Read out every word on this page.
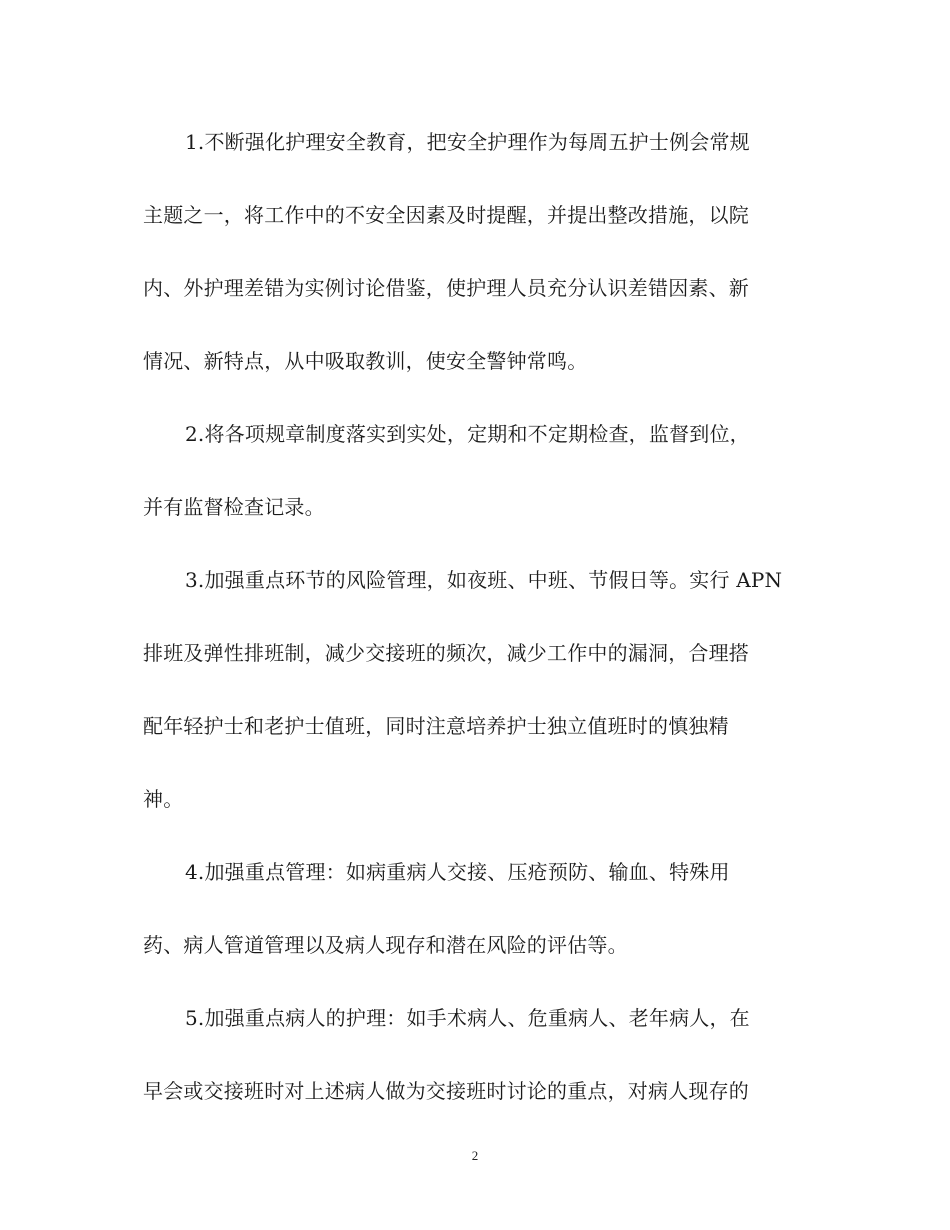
1.不断强化护理安全教育，把安全护理作为每周五护士例会常规
主题之一，将工作中的不安全因素及时提醒，并提出整改措施，以院
内、外护理差错为实例讨论借鉴，使护理人员充分认识差错因素、新
情况、新特点，从中吸取教训，使安全警钟常鸣。
2.将各项规章制度落实到实处，定期和不定期检查，监督到位，
并有监督检查记录。
3.加强重点环节的风险管理，如夜班、中班、节假日等。实行 APN
排班及弹性排班制，减少交接班的频次，减少工作中的漏洞，合理搭
配年轻护士和老护士值班，同时注意培养护士独立值班时的慎独精
神。
4.加强重点管理：如病重病人交接、压疮预防、输血、特殊用
药、病人管道管理以及病人现存和潜在风险的评估等。
5.加强重点病人的护理：如手术病人、危重病人、老年病人，在
早会或交接班时对上述病人做为交接班时讨论的重点，对病人现存的
2
